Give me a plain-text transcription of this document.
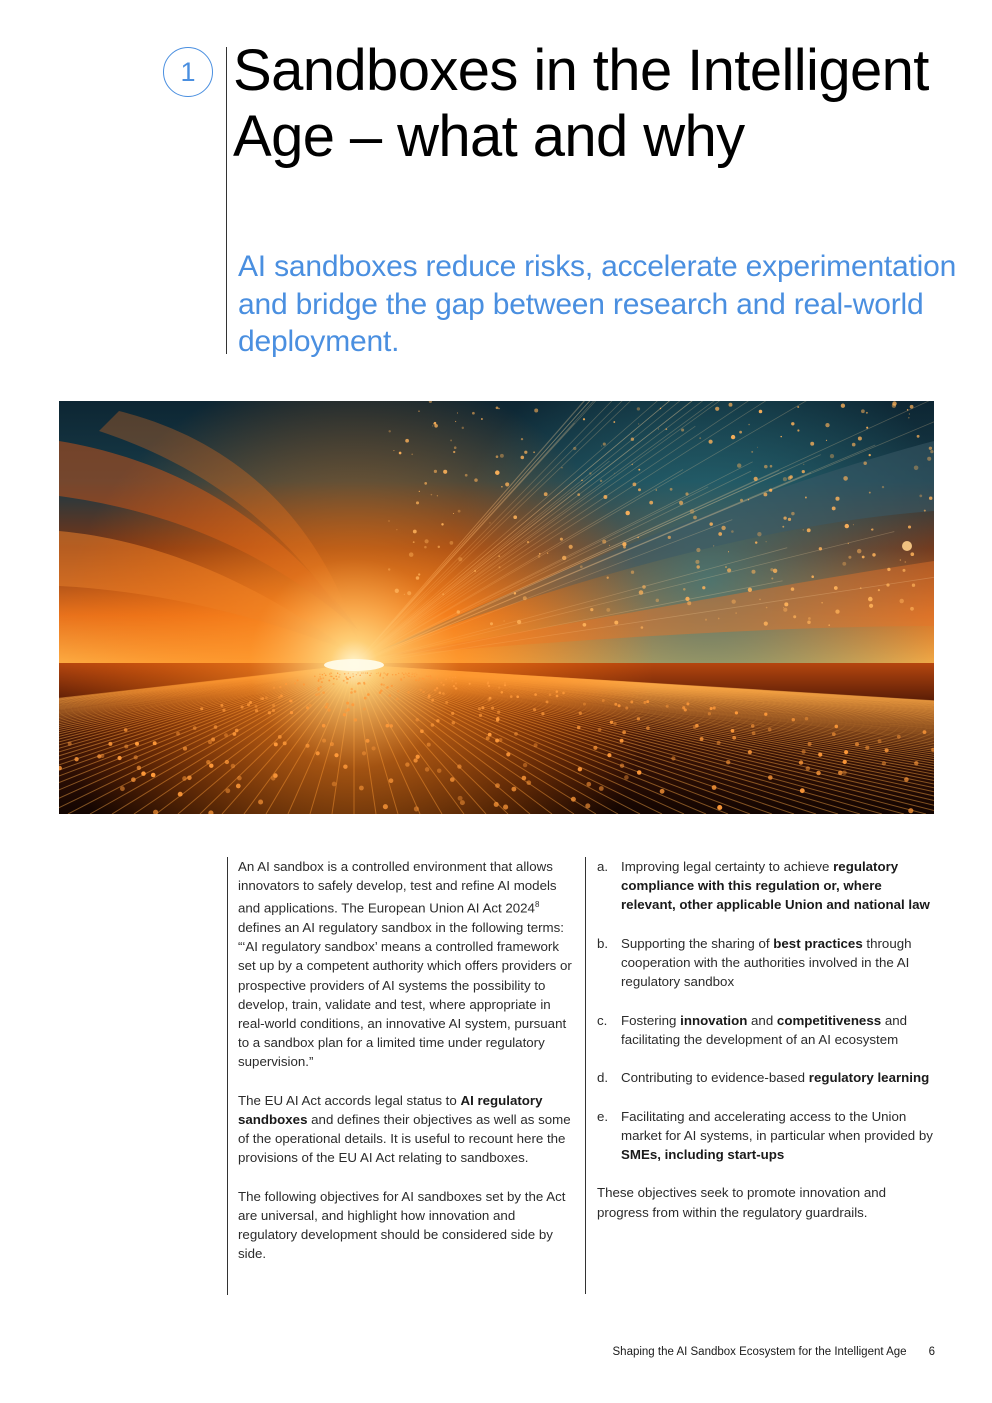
1 Sandboxes in the Intelligent Age – what and why

AI sandboxes reduce risks, accelerate experimentation and bridge the gap between research and real-world deployment.

An AI sandbox is a controlled environment that allows innovators to safely develop, test and refine AI models and applications. The European Union AI Act 2024$^8$ defines an AI regulatory sandbox in the following terms: “‘AI regulatory sandbox’ means a controlled framework set up by a competent authority which offers providers or prospective providers of AI systems the possibility to develop, train, validate and test, where appropriate in real-world conditions, an innovative AI system, pursuant to a sandbox plan for a limited time under regulatory supervision.”

The EU AI Act accords legal status to AI regulatory sandboxes and defines their objectives as well as some of the operational details. It is useful to recount here the provisions of the EU AI Act relating to sandboxes.

The following objectives for AI sandboxes set by the Act are universal, and highlight how innovation and regulatory development should be considered side by side.

a. Improving legal certainty to achieve regulatory compliance with this regulation or, where relevant, other applicable Union and national law
b. Supporting the sharing of best practices through cooperation with the authorities involved in the AI regulatory sandbox
c.	Fostering innovation and competitiveness and facilitating the development of an AI ecosystem
d. Contributing to evidence-based regulatory learning
e. Facilitating and accelerating access to the Union market for AI systems, in particular when provided by SMEs, including start-ups

These objectives seek to promote innovation and progress from within the regulatory guardrails.

Shaping the AI Sandbox Ecosystem for the Intelligent Age 6
